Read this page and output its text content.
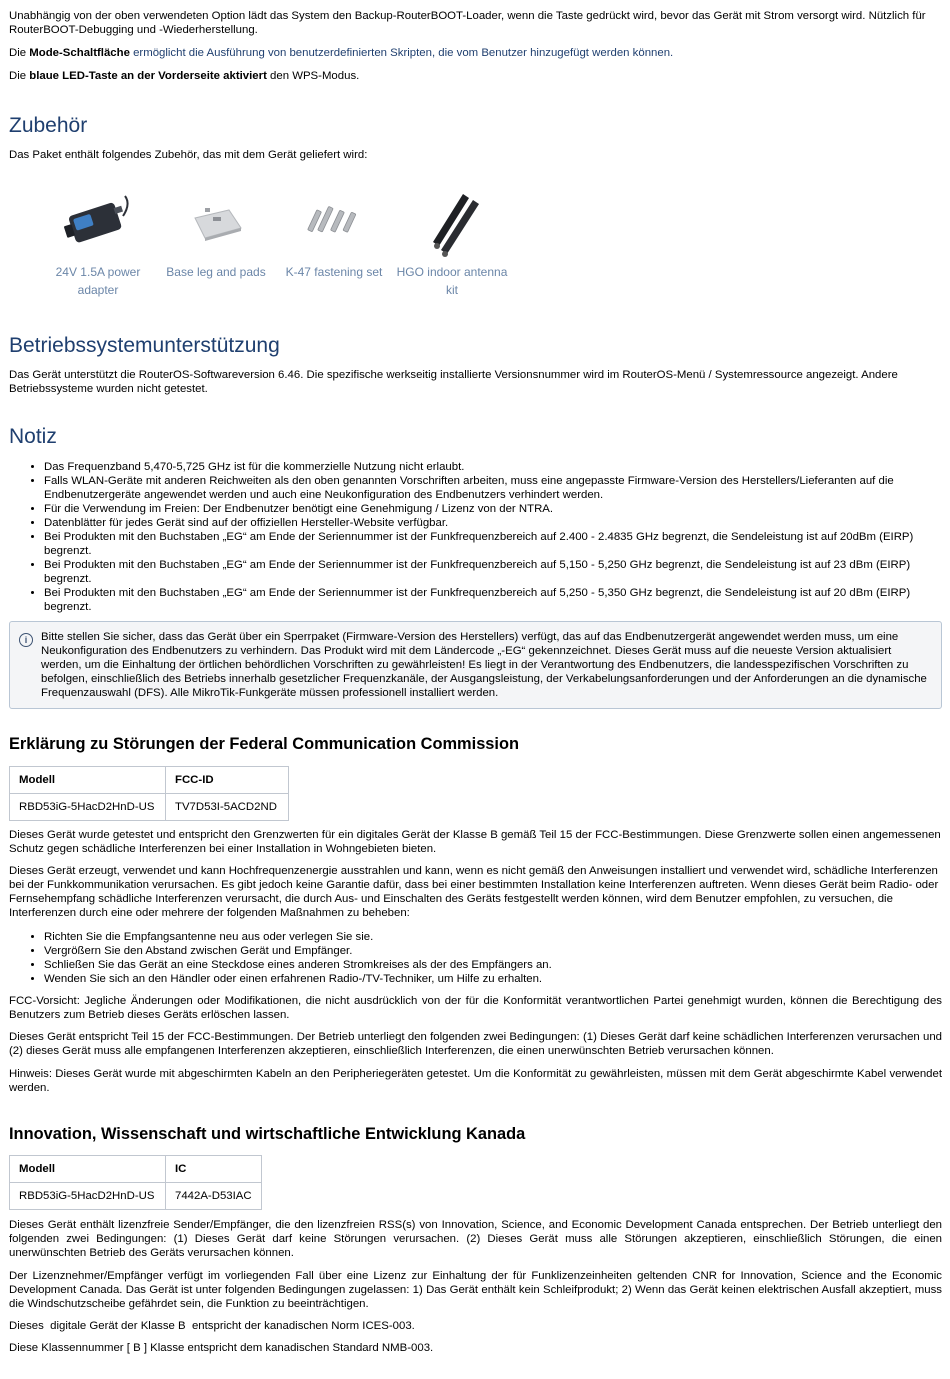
Unabhängig von der oben verwendeten Option lädt das System den Backup-RouterBOOT-Loader, wenn die Taste gedrückt wird, bevor das Gerät mit Strom versorgt wird. Nützlich für RouterBOOT-Debugging und -Wiederherstellung.

Die Mode-Schaltfläche ermöglicht die Ausführung von benutzerdefinierten Skripten, die vom Benutzer hinzugefügt werden können.

Die blaue LED-Taste an der Vorderseite aktiviert den WPS-Modus.

Zubehör

Das Paket enthält folgendes Zubehör, das mit dem Gerät geliefert wird:

24V 1.5A power
adapter
Base leg and pads	K-47 fastening set	HGO indoor antenna
kit
Betriebssystemunterstützung

Das Gerät unterstützt die RouterOS-Softwareversion 6.46. Die spezifische werkseitig installierte Versionsnummer wird im RouterOS-Menü / Systemressource angezeigt. Andere Betriebssysteme wurden nicht getestet.

Notiz
• Das Frequenzband 5,470-5,725 GHz ist für die kommerzielle Nutzung nicht erlaubt.
• Falls WLAN-Geräte mit anderen Reichweiten als den oben genannten Vorschriften arbeiten, muss eine angepasste Firmware-Version des Herstellers/Lieferanten auf die Endbenutzergeräte angewendet werden und auch eine Neukonfiguration des Endbenutzers verhindert werden.
• Für die Verwendung im Freien: Der Endbenutzer benötigt eine Genehmigung / Lizenz von der NTRA.
• Datenblätter für jedes Gerät sind auf der offiziellen Hersteller-Website verfügbar.
• Bei Produkten mit den Buchstaben „EG“ am Ende der Seriennummer ist der Funkfrequenzbereich auf 2.400 - 2.4835 GHz begrenzt, die Sendeleistung ist auf 20dBm (EIRP) begrenzt.
• Bei Produkten mit den Buchstaben „EG“ am Ende der Seriennummer ist der Funkfrequenzbereich auf 5,150 - 5,250 GHz begrenzt, die Sendeleistung ist auf 23 dBm (EIRP) begrenzt.
• Bei Produkten mit den Buchstaben „EG“ am Ende der Seriennummer ist der Funkfrequenzbereich auf 5,250 - 5,350 GHz begrenzt, die Sendeleistung ist auf 20 dBm (EIRP) begrenzt.
i	Bitte stellen Sie sicher, dass das Gerät über ein Sperrpaket (Firmware-Version des Herstellers) verfügt, das auf das Endbenutzergerät angewendet werden muss, um eine Neukonfiguration des Endbenutzers zu verhindern. Das Produkt wird mit dem Ländercode „-EG“ gekennzeichnet. Dieses Gerät muss auf die neueste Version aktualisiert werden, um die Einhaltung der örtlichen behördlichen Vorschriften zu gewährleisten! Es liegt in der Verantwortung des Endbenutzers, die landesspezifischen Vorschriften zu befolgen, einschließlich des Betriebs innerhalb gesetzlicher Frequenzkanäle, der Ausgangsleistung, der Verkabelungsanforderungen und der Anforderungen an die dynamische Frequenzauswahl (DFS). Alle MikroTik-Funkgeräte müssen professionell installiert werden.
Erklärung zu Störungen der Federal Communication Commission
Modell	FCC-ID
RBD53iG-5HacD2HnD-US	TV7D53I-5ACD2ND

Dieses Gerät wurde getestet und entspricht den Grenzwerten für ein digitales Gerät der Klasse B gemäß Teil 15 der FCC-Bestimmungen. Diese Grenzwerte sollen einen angemessenen Schutz gegen schädliche Interferenzen bei einer Installation in Wohngebieten bieten.

Dieses Gerät erzeugt, verwendet und kann Hochfrequenzenergie ausstrahlen und kann, wenn es nicht gemäß den Anweisungen installiert und verwendet wird, schädliche Interferenzen bei der Funkkommunikation verursachen. Es gibt jedoch keine Garantie dafür, dass bei einer bestimmten Installation keine Interferenzen auftreten. Wenn dieses Gerät beim Radio- oder Fernsehempfang schädliche Interferenzen verursacht, die durch Aus- und Einschalten des Geräts festgestellt werden können, wird dem Benutzer empfohlen, zu versuchen, die Interferenzen durch eine oder mehrere der folgenden Maßnahmen zu beheben:

• Richten Sie die Empfangsantenne neu aus oder verlegen Sie sie.
• Vergrößern Sie den Abstand zwischen Gerät und Empfänger.
• Schließen Sie das Gerät an eine Steckdose eines anderen Stromkreises als der des Empfängers an.
• Wenden Sie sich an den Händler oder einen erfahrenen Radio-/TV-Techniker, um Hilfe zu erhalten.

FCC-Vorsicht: Jegliche Änderungen oder Modifikationen, die nicht ausdrücklich von der für die Konformität verantwortlichen Partei genehmigt wurden, können die Berechtigung des Benutzers zum Betrieb dieses Geräts erlöschen lassen.

Dieses Gerät entspricht Teil 15 der FCC-Bestimmungen. Der Betrieb unterliegt den folgenden zwei Bedingungen: (1) Dieses Gerät darf keine schädlichen Interferenzen verursachen und (2) dieses Gerät muss alle empfangenen Interferenzen akzeptieren, einschließlich Interferenzen, die einen unerwünschten Betrieb verursachen können.

Hinweis: Dieses Gerät wurde mit abgeschirmten Kabeln an den Peripheriegeräten getestet. Um die Konformität zu gewährleisten, müssen mit dem Gerät abgeschirmte Kabel verwendet werden.

Innovation, Wissenschaft und wirtschaftliche Entwicklung Kanada
Modell	IC
RBD53iG-5HacD2HnD-US	7442A-D53IAC

Dieses Gerät enthält lizenzfreie Sender/Empfänger, die den lizenzfreien RSS(s) von Innovation, Science, and Economic Development Canada entsprechen. Der Betrieb unterliegt den folgenden zwei Bedingungen: (1) Dieses Gerät darf keine Störungen verursachen. (2) Dieses Gerät muss alle Störungen akzeptieren, einschließlich Störungen, die einen unerwünschten Betrieb des Geräts verursachen können.

Der Lizenznehmer/Empfänger verfügt im vorliegenden Fall über eine Lizenz zur Einhaltung der für Funklizenzeinheiten geltenden CNR for Innovation, Science and the Economic Development Canada. Das Gerät ist unter folgenden Bedingungen zugelassen: 1) Das Gerät enthält kein Schleifprodukt; 2) Wenn das Gerät keinen elektrischen Ausfall akzeptiert, muss die Windschutzscheibe gefährdet sein, die Funktion zu beeinträchtigen.

Dieses  digitale Gerät der Klasse B  entspricht der kanadischen Norm ICES-003.

Diese Klassennummer [ B ] Klasse entspricht dem kanadischen Standard NMB-003.
